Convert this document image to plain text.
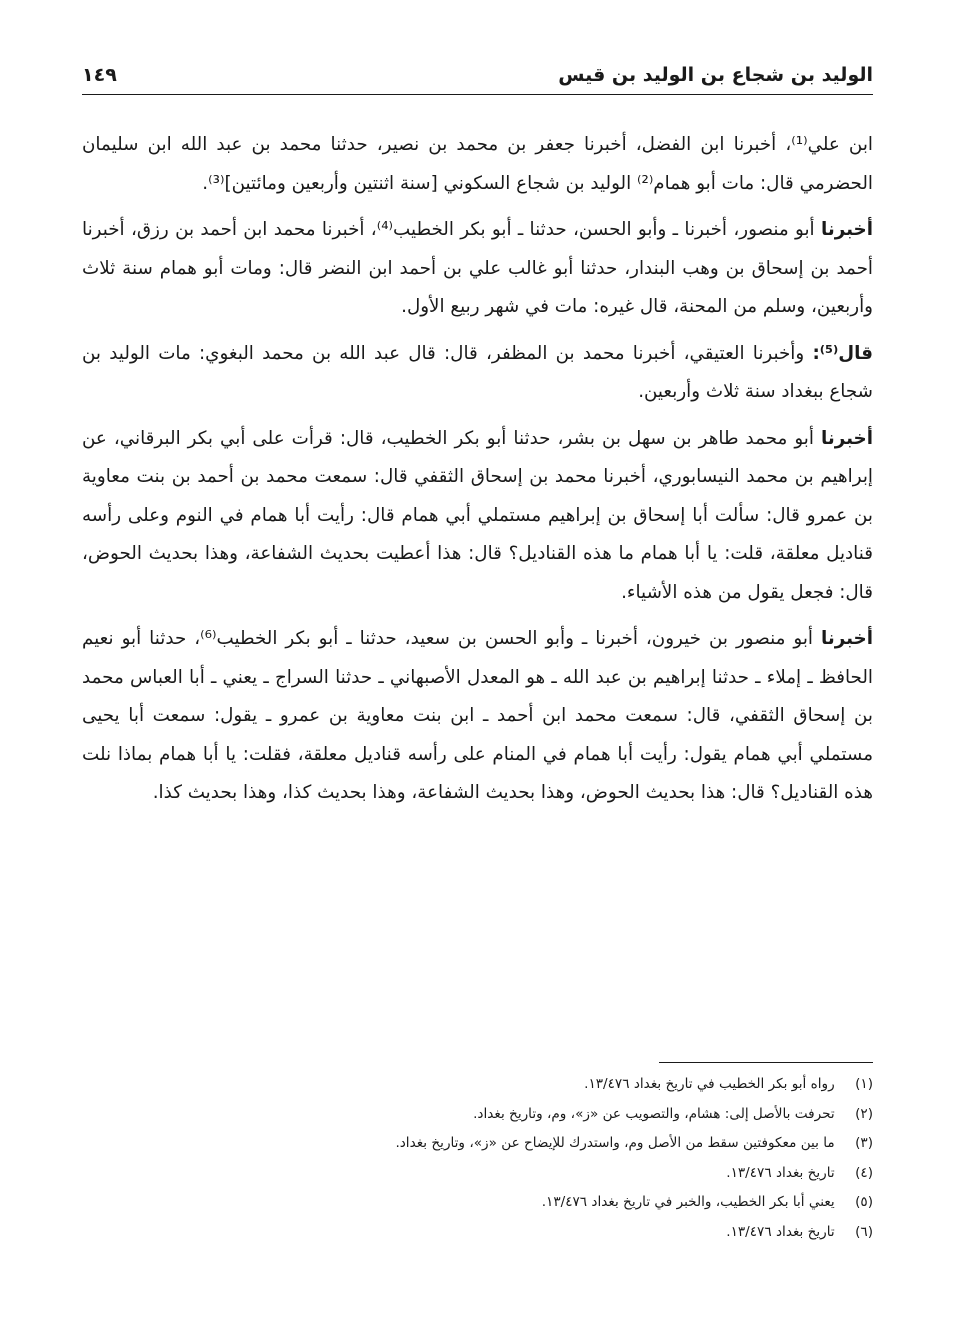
الوليد بن شجاع بن الوليد بن قيس
١٤٩

ابن علي⁽¹⁾، أخبرنا ابن الفضل، أخبرنا جعفر بن محمد بن نصير، حدثنا محمد بن عبد الله ابن سليمان الحضرمي قال: مات أبو همام⁽²⁾ الوليد بن شجاع السكوني [سنة اثنتين وأربعين ومائتين]⁽³⁾.

أخبرنا أبو منصور، أخبرنا ـ وأبو الحسن، حدثنا ـ أبو بكر الخطيب⁽⁴⁾، أخبرنا محمد ابن أحمد بن رزق، أخبرنا أحمد بن إسحاق بن وهب البندار، حدثنا أبو غالب علي بن أحمد ابن النضر قال: ومات أبو همام سنة ثلاث وأربعين، وسلم من المحنة، قال غيره: مات في شهر ربيع الأول.

قال⁽⁵⁾: وأخبرنا العتيقي، أخبرنا محمد بن المظفر، قال: قال عبد الله بن محمد البغوي: مات الوليد بن شجاع ببغداد سنة ثلاث وأربعين.

أخبرنا أبو محمد طاهر بن سهل بن بشر، حدثنا أبو بكر الخطيب، قال: قرأت على أبي بكر البرقاني، عن إبراهيم بن محمد النيسابوري، أخبرنا محمد بن إسحاق الثقفي قال: سمعت محمد بن أحمد بن بنت معاوية بن عمرو قال: سألت أبا إسحاق بن إبراهيم مستملي أبي همام قال: رأيت أبا همام في النوم وعلى رأسه قناديل معلقة، قلت: يا أبا همام ما هذه القناديل؟ قال: هذا أعطيت بحديث الشفاعة، وهذا بحديث الحوض، قال: فجعل يقول من هذه الأشياء.

أخبرنا أبو منصور بن خيرون، أخبرنا ـ وأبو الحسن بن سعيد، حدثنا ـ أبو بكر الخطيب⁽⁶⁾، حدثنا أبو نعيم الحافظ ـ إملاء ـ حدثنا إبراهيم بن عبد الله ـ هو المعدل الأصبهاني ـ حدثنا السراج ـ يعني ـ أبا العباس محمد بن إسحاق الثقفي، قال: سمعت محمد ابن أحمد ـ ابن بنت معاوية بن عمرو ـ يقول: سمعت أبا يحيى مستملي أبي همام يقول: رأيت أبا همام في المنام على رأسه قناديل معلقة، فقلت: يا أبا همام بماذا نلت هذه القناديل؟ قال: هذا بحديث الحوض، وهذا بحديث الشفاعة، وهذا بحديث كذا، وهذا بحديث كذا.

(١) رواه أبو بكر الخطيب في تاريخ بغداد ١٣/٤٧٦.
(٢) تحرفت بالأصل إلى: هشام، والتصويب عن «ز»، وم، وتاريخ بغداد.
(٣) ما بين معكوفتين سقط من الأصل وم، واستدرك للإيضاح عن «ز»، وتاريخ بغداد.
(٤) تاريخ بغداد ١٣/٤٧٦.
(٥) يعني أبا بكر الخطيب، والخبر في تاريخ بغداد ١٣/٤٧٦.
(٦) تاريخ بغداد ١٣/٤٧٦.
